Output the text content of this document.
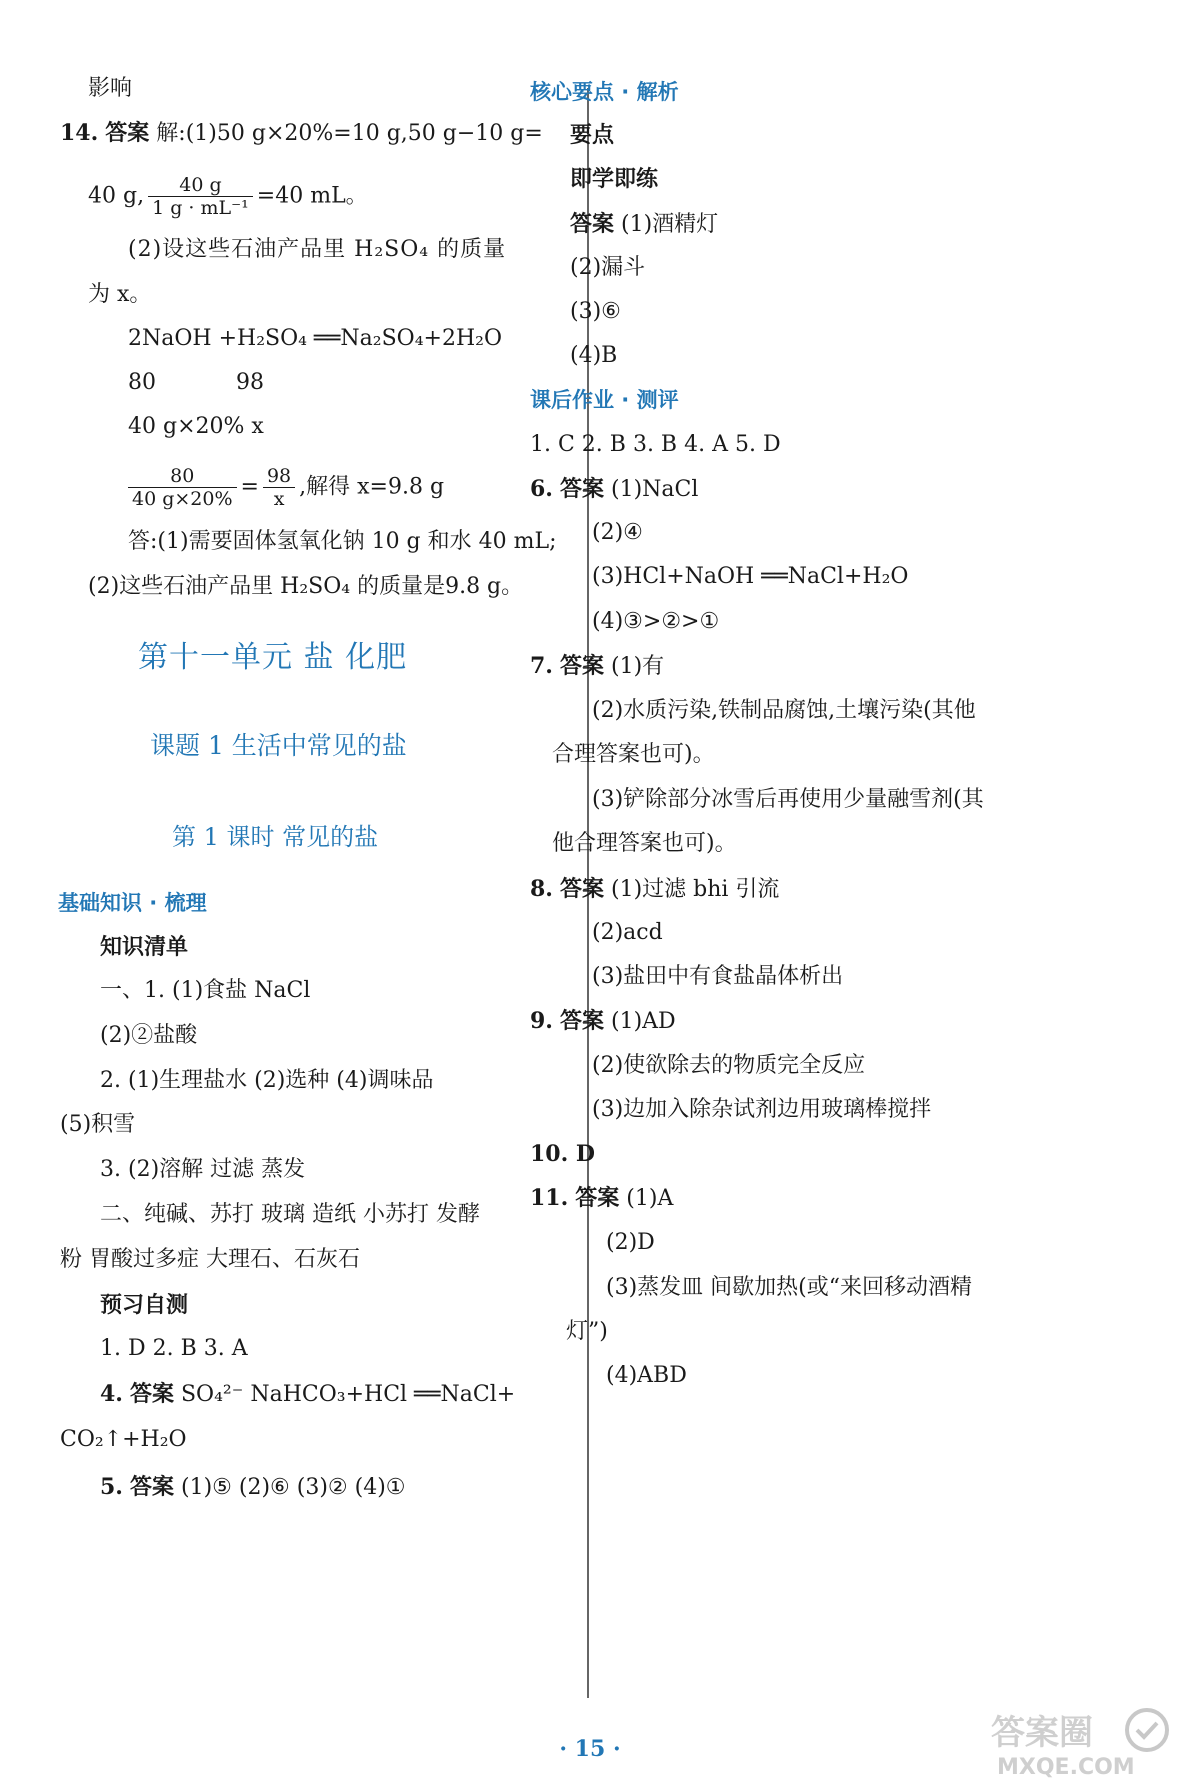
影响
14. 答案 解:(1)50 g×20%=10 g,50 g−10 g=
40 g, $\frac{40 g}{\text{1 g · mL⁻¹}} =40$ mL。
(2)设这些石油产品里 H₂SO₄ 的质量
为 x。
2NaOH +H₂SO₄ ══Na₂SO₄+2H₂O
80	98
40 g×20% x
$\frac{80}{40 g\times 20\%} = \frac{98}{x}$ ,解得 x=9.8 g
答:(1)需要固体氢氧化钠 10 g 和水 40 mL;
(2)这些石油产品里 H₂SO₄ 的质量是9.8 g。
第十一单元 盐 化肥
课题 1 生活中常见的盐
第 1 课时 常见的盐
基础知识 · 梳理
知识清单
一、1. (1)食盐 NaCl
(2)②盐酸
2. (1)生理盐水 (2)选种 (4)调味品
(5)积雪
3. (2)溶解 过滤 蒸发
二、纯碱、苏打 玻璃 造纸 小苏打 发酵
粉 胃酸过多症 大理石、石灰石
预习自测
1. D 2. B 3. A
4. 答案 SO₄²⁻ NaHCO₃+HCl ══NaCl+
CO₂↑+H₂O
5. 答案 (1)⑤ (2)⑥ (3)② (4)①
核心要点 · 解析
要点
即学即练
答案 (1)酒精灯
(2)漏斗
(3)⑥
(4)B
课后作业 · 测评
1. C 2. B 3. B 4. A 5. D
6. 答案 (1)NaCl
(2)④
(3)HCl+NaOH ══NaCl+H₂O
(4)③>②>①
7. 答案 (1)有
(2)水质污染,铁制品腐蚀,土壤污染(其他
合理答案也可)。
(3)铲除部分冰雪后再使用少量融雪剂(其
他合理答案也可)。
8. 答案 (1)过滤 bhi 引流
(2)acd
(3)盐田中有食盐晶体析出
9. 答案 (1)AD
(2)使欲除去的物质完全反应
(3)边加入除杂试剂边用玻璃棒搅拌
10. D
11. 答案 (1)A
(2)D
(3)蒸发皿 间歇加热(或“来回移动酒精
灯”)
(4)ABD
· 15 ·	答案圈
MXQE.COM
